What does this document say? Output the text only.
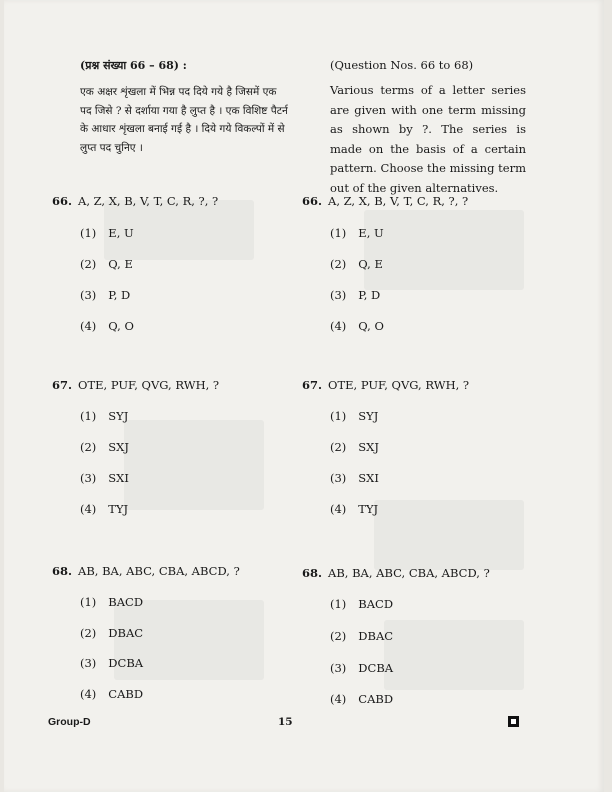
(प्रश्न संख्या 66 – 68) :
एक अक्षर शृंखला में भिन्न पद दिये गये है जिसमें एक पद जिसे ? से दर्शाया गया है लुप्त है । एक विशिष्ट पैटर्न के आधार शृंखला बनाई गई है । दिये गये विकल्पों में से लुप्त पद चुनिए ।
66. A, Z, X, B, V, T, C, R, ?, ?
(1) E, U
(2) Q, E
(3) P, D
(4) Q, O
67. OTE, PUF, QVG, RWH, ?
(1) SYJ
(2) SXJ
(3) SXI
(4) TYJ
68. AB, BA, ABC, CBA, ABCD, ?
(1) BACD
(2) DBAC
(3) DCBA
(4) CABD
(Question Nos. 66 to 68)
Various terms of a letter series are given with one term missing as shown by ?. The series is made on the basis of a certain pattern. Choose the missing term out of the given alternatives.
66. A, Z, X, B, V, T, C, R, ?, ?
(1) E, U
(2) Q, E
(3) P, D
(4) Q, O
67. OTE, PUF, QVG, RWH, ?
(1) SYJ
(2) SXJ
(3) SXI
(4) TYJ
68. AB, BA, ABC, CBA, ABCD, ?
(1) BACD
(2) DBAC
(3) DCBA
(4) CABD
Group-D	15
